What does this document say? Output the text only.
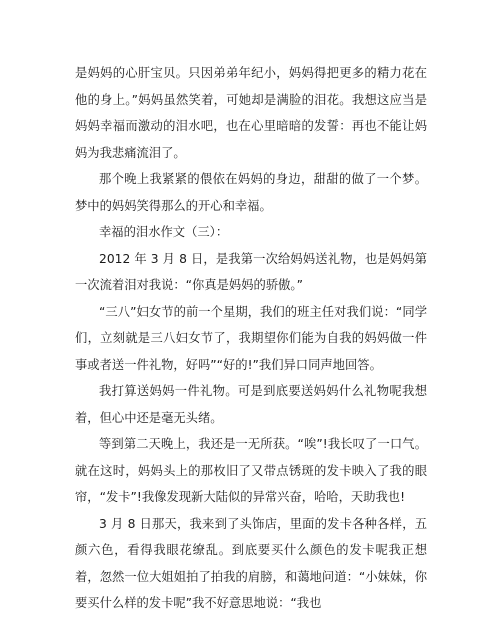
是妈妈的心肝宝贝。只因弟弟年纪小，妈妈得把更多的精力花在他的身上。”妈妈虽然笑着，可她却是满脸的泪花。我想这应当是妈妈幸福而激动的泪水吧，也在心里暗暗的发誓：再也不能让妈妈为我悲痛流泪了。

那个晚上我紧紧的偎依在妈妈的身边，甜甜的做了一个梦。梦中的妈妈笑得那么的开心和幸福。

幸福的泪水作文（三）：

2012 年 3 月 8 日，是我第一次给妈妈送礼物，也是妈妈第一次流着泪对我说：“你真是妈妈的骄傲。”

“三八”妇女节的前一个星期，我们的班主任对我们说：“同学们，立刻就是三八妇女节了，我期望你们能为自我的妈妈做一件事或者送一件礼物，好吗”“好的!”我们异口同声地回答。

我打算送妈妈一件礼物。可是到底要送妈妈什么礼物呢我想着，但心中还是毫无头绪。

等到第二天晚上，我还是一无所获。“唉”!我长叹了一口气。就在这时，妈妈头上的那枚旧了又带点锈斑的发卡映入了我的眼帘，“发卡”!我像发现新大陆似的异常兴奋，哈哈，天助我也!

3 月 8 日那天，我来到了头饰店，里面的发卡各种各样，五颜六色，看得我眼花缭乱。到底要买什么颜色的发卡呢我正想着，忽然一位大姐姐拍了拍我的肩膀，和蔼地问道：“小妹妹，你要买什么样的发卡呢”我不好意思地说：“我也
